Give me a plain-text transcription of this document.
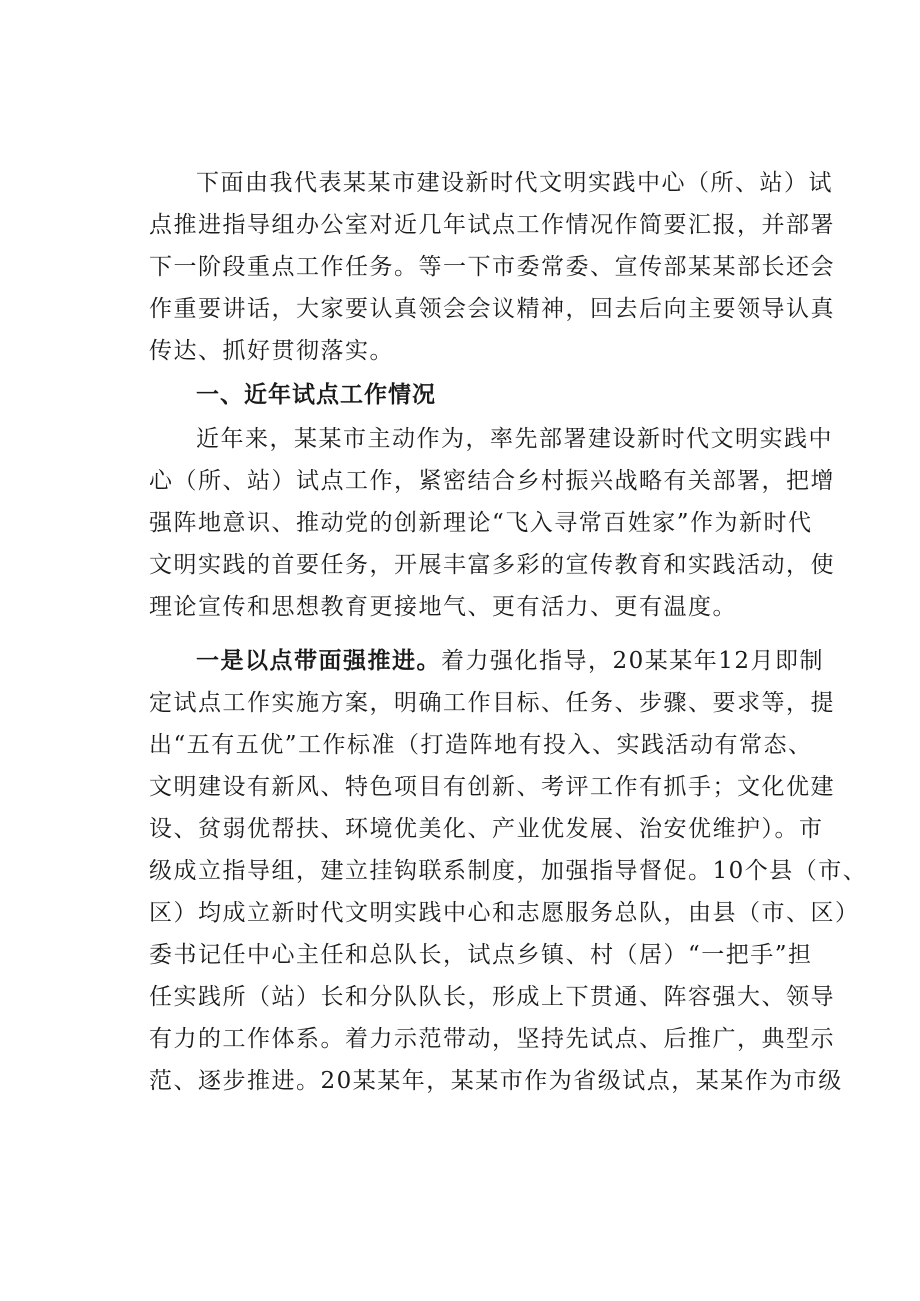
下面由我代表某某市建设新时代文明实践中心（所、站）试
点推进指导组办公室对近几年试点工作情况作简要汇报，并部署
下一阶段重点工作任务。等一下市委常委、宣传部某某部长还会
作重要讲话，大家要认真领会会议精神，回去后向主要领导认真
传达、抓好贯彻落实。
一、近年试点工作情况
近年来，某某市主动作为，率先部署建设新时代文明实践中
心（所、站）试点工作，紧密结合乡村振兴战略有关部署，把增
强阵地意识、推动党的创新理论“飞入寻常百姓家”作为新时代
文明实践的首要任务，开展丰富多彩的宣传教育和实践活动，使
理论宣传和思想教育更接地气、更有活力、更有温度。
一是以点带面强推进。着力强化指导，20某某年12月即制
定试点工作实施方案，明确工作目标、任务、步骤、要求等，提
出“五有五优”工作标准（打造阵地有投入、实践活动有常态、
文明建设有新风、特色项目有创新、考评工作有抓手；文化优建
设、贫弱优帮扶、环境优美化、产业优发展、治安优维护）。市
级成立指导组，建立挂钩联系制度，加强指导督促。10个县（市、
区）均成立新时代文明实践中心和志愿服务总队，由县（市、区）
委书记任中心主任和总队长，试点乡镇、村（居）“一把手”担
任实践所（站）长和分队队长，形成上下贯通、阵容强大、领导
有力的工作体系。着力示范带动，坚持先试点、后推广，典型示
范、逐步推进。20某某年，某某市作为省级试点，某某作为市级
